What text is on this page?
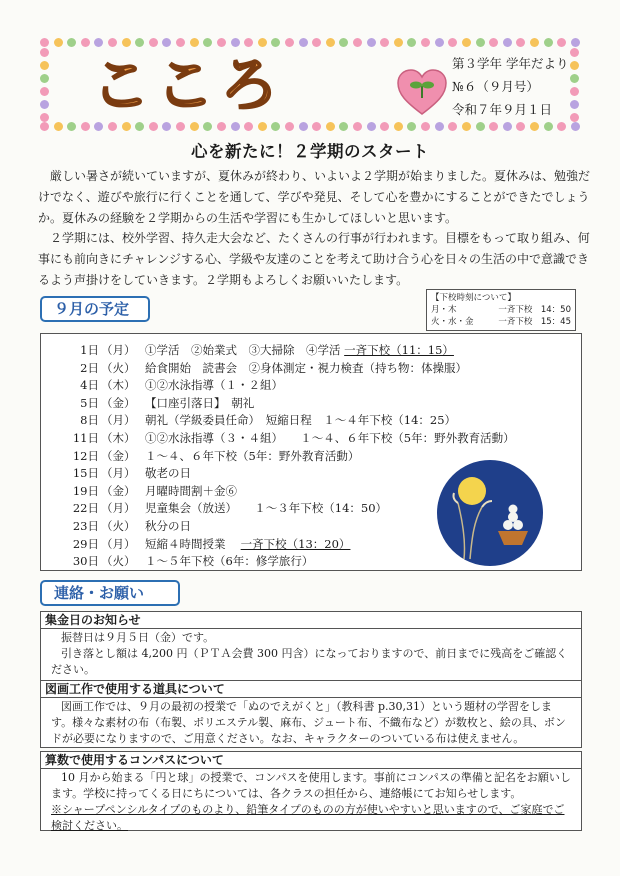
こころ	第３学年 学年だより
№６（９月号）
令和７年９月１日
心を新たに！２学期のスタート

厳しい暑さが続いていますが、夏休みが終わり、いよいよ２学期が始まりました。夏休みは、勉強だけでなく、遊びや旅行に行くことを通して、学びや発見、そして心を豊かにすることができたでしょうか。夏休みの経験を２学期からの生活や学習にも生かしてほしいと思います。

２学期には、校外学習、持久走大会など、たくさんの行事が行われます。目標をもって取り組み、何事にも前向きにチャレンジする心、学級や友達のことを考えて助け合う心を日々の生活の中で意識できるよう声掛けをしていきます。２学期もよろしくお願いいたします。

９月の予定
【下校時刻について】
月・木	一斉下校　 14：50
火・水・金	一斉下校　 15：45
1日 （月） ①学活　②始業式　③大掃除　④学活 一斉下校（11：15）
2日 （火） 給食開始　読書会　②身体測定・視力検査（持ち物：体操服）
4日 （木） ①②水泳指導（１・２組）
5日 （金） 【口座引落日】　朝礼
8日 （月） 朝礼（学級委員任命）　短縮日程　１～４年下校（14：25）
11日 （木） ①②水泳指導（３・４組）　　１～４、６年下校（5年：野外教育活動）
12日 （金） １～４、６年下校（5年：野外教育活動）
15日 （月） 敬老の日
19日 （金） 月曜時間割＋金⑥
22日 （月） 児童集会（放送）　　１～３年下校（14：50）
23日 （火） 秋分の日
29日 （月） 短縮４時間授業　 一斉下校（13：20）
30日 （火） １～５年下校（6年：修学旅行）
連絡・お願い
集金日のお知らせ

振替日は９月５日（金）です。

引き落とし額は 4,200 円（ＰＴＡ会費 300 円含）になっておりますので、前日までに残高をご確認ください。

図画工作で使用する道具について

図画工作では、９月の最初の授業で「ぬのでえがくと」（教科書 p.30,31）という題材の学習をします。様々な素材の布（布製、ポリエステル製、麻布、ジュート布、不織布など）が数枚と、絵の具、ボンドが必要になりますので、ご用意ください。なお、キャラクターのついている布は使えません。

算数で使用するコンパスについて

10 月から始まる「円と球」の授業で、コンパスを使用します。事前にコンパスの準備と記名をお願いします。学校に持ってくる日にちについては、各クラスの担任から、連絡帳にてお知らせします。

※シャープペンシルタイプのものより、鉛筆タイプのものの方が使いやすいと思いますので、ご家庭でご検討ください。
